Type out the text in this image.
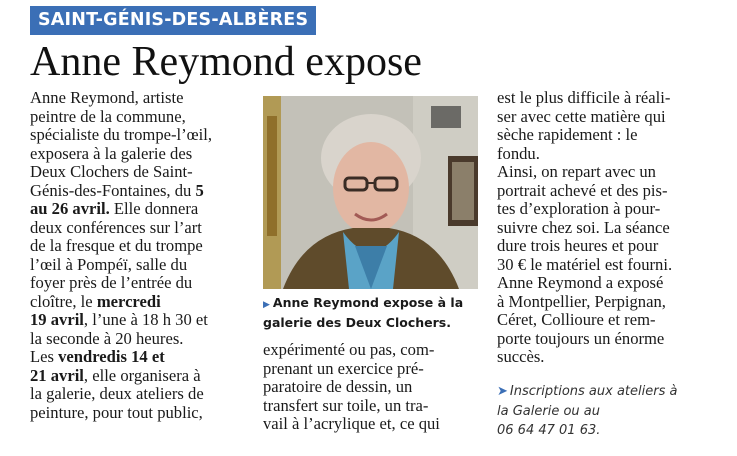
SAINT-GÉNIS-DES-ALBÈRES
Anne Reymond expose
Anne Reymond, artiste
peintre de la commune,
spécialiste du trompe-l’œil,
exposera à la galerie des
Deux Clochers de Saint-
Génis-des-Fontaines, du 5
au 26 avril. Elle donnera
deux conférences sur l’art
de la fresque et du trompe
l’œil à Pompéï, salle du
foyer près de l’entrée du
cloître, le mercredi
19 avril, l’une à 18 h 30 et
la seconde à 20 heures.
Les vendredis 14 et
21 avril, elle organisera à
la galerie, deux ateliers de
peinture, pour tout public,
▶ Anne Reymond expose à la
galerie des Deux Clochers.
expérimenté ou pas, com-
prenant un exercice pré-
paratoire de dessin, un
transfert sur toile, un tra-
vail à l’acrylique et, ce qui
est le plus difficile à réali-
ser avec cette matière qui
sèche rapidement : le
fondu.
Ainsi, on repart avec un
portrait achevé et des pis-
tes d’exploration à pour-
suivre chez soi. La séance
dure trois heures et pour
30 € le matériel est fourni.
Anne Reymond a exposé
à Montpellier, Perpignan,
Céret, Collioure et rem-
porte toujours un énorme
succès.
➤ Inscriptions aux ateliers à
la Galerie ou au
06 64 47 01 63.
